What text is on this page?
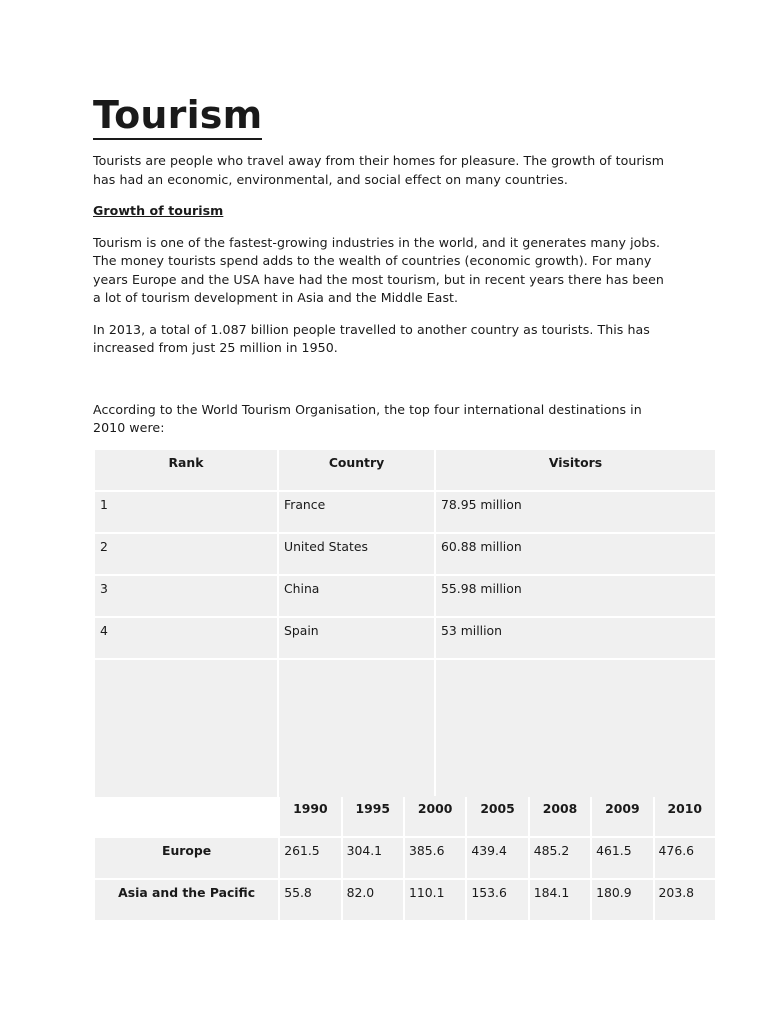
Tourism

Tourists are people who travel away from their homes for pleasure. The growth of tourism has had an economic, environmental, and social effect on many countries.

Growth of tourism

Tourism is one of the fastest-growing industries in the world, and it generates many jobs. The money tourists spend adds to the wealth of countries (economic growth). For many years Europe and the USA have had the most tourism, but in recent years there has been a lot of tourism development in Asia and the Middle East.

In 2013, a total of 1.087 billion people travelled to another country as tourists. This has increased from just 25 million in 1950.

According to the World Tourism Organisation, the top four international destinations in 2010 were:

Rank	Country	Visitors
1	France	78.95 million
2	United States	60.88 million
3	China	55.98 million
4	Spain	53 million

	1990	1995	2000	2005	2008	2009	2010
Europe	261.5	304.1	385.6	439.4	485.2	461.5	476.6
Asia and the Pacific	55.8	82.0	110.1	153.6	184.1	180.9	203.8
